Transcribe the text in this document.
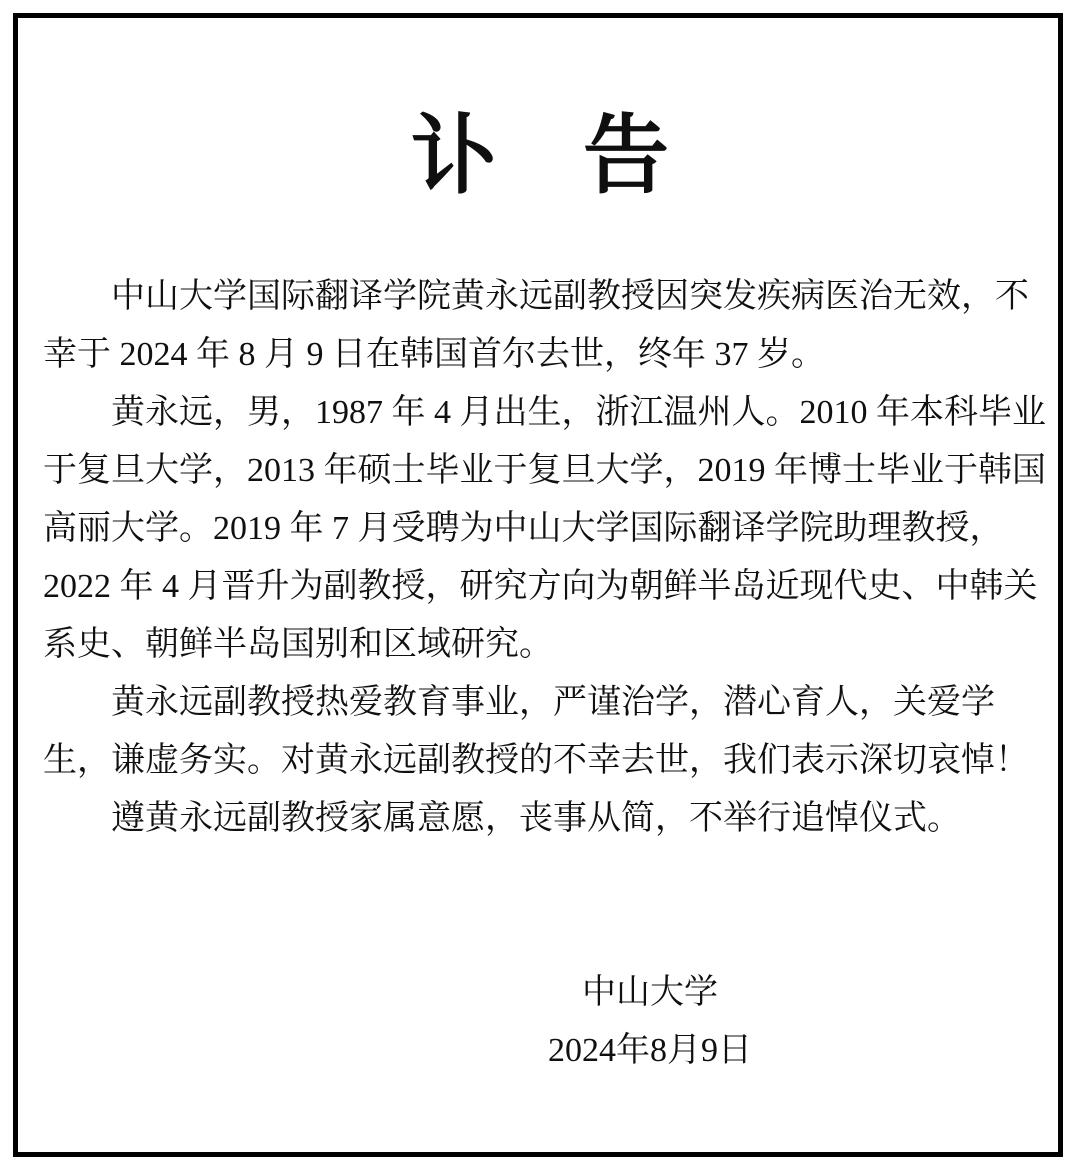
讣　告
中山大学国际翻译学院黄永远副教授因突发疾病医治无效，不
幸于 2024 年 8 月 9 日在韩国首尔去世，终年 37 岁。
黄永远，男，1987 年 4 月出生，浙江温州人。2010 年本科毕业
于复旦大学，2013 年硕士毕业于复旦大学，2019 年博士毕业于韩国
高丽大学。2019 年 7 月受聘为中山大学国际翻译学院助理教授，
2022 年 4 月晋升为副教授，研究方向为朝鲜半岛近现代史、中韩关
系史、朝鲜半岛国别和区域研究。
黄永远副教授热爱教育事业，严谨治学，潜心育人，关爱学
生，谦虚务实。对黄永远副教授的不幸去世，我们表示深切哀悼！
遵黄永远副教授家属意愿，丧事从简，不举行追悼仪式。
中山大学
2024年8月9日
